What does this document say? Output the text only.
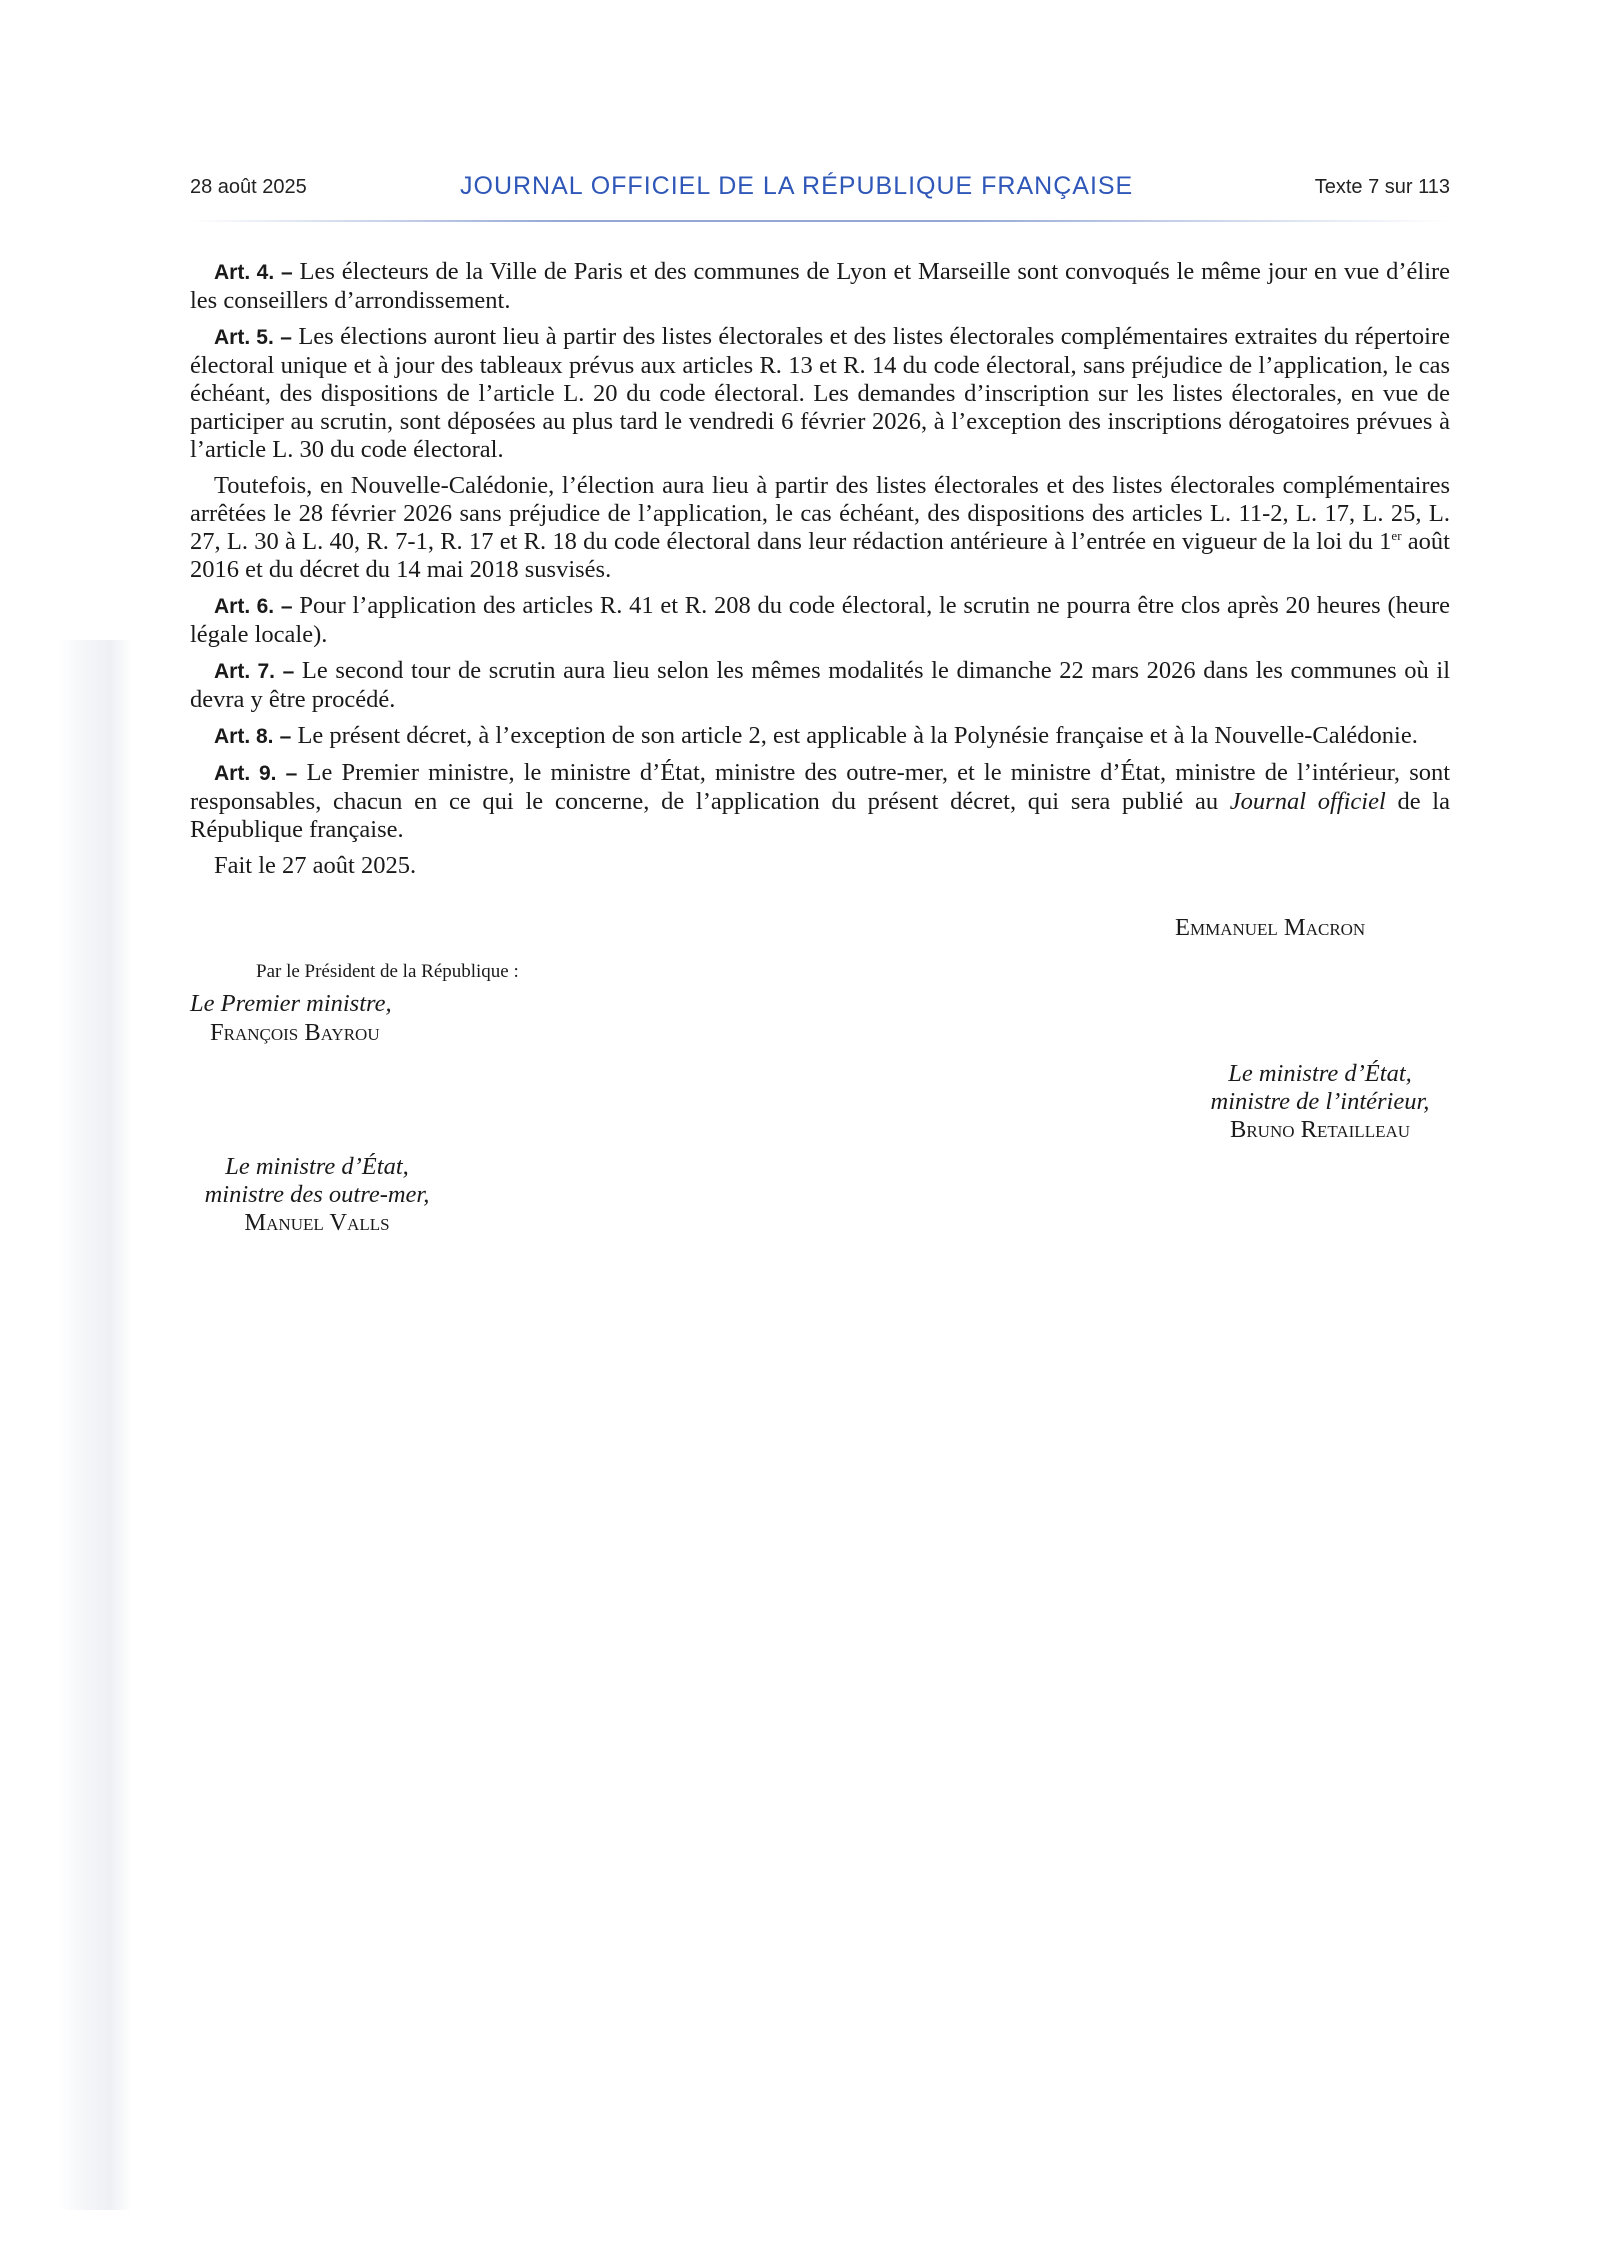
28 août 2025	JOURNAL OFFICIEL DE LA RÉPUBLIQUE FRANÇAISE	Texte 7 sur 113

Art. 4. – Les électeurs de la Ville de Paris et des communes de Lyon et Marseille sont convoqués le même jour en vue d’élire les conseillers d’arrondissement.

Art. 5. – Les élections auront lieu à partir des listes électorales et des listes électorales complémentaires extraites du répertoire électoral unique et à jour des tableaux prévus aux articles R. 13 et R. 14 du code électoral, sans préjudice de l’application, le cas échéant, des dispositions de l’article L. 20 du code électoral. Les demandes d’inscription sur les listes électorales, en vue de participer au scrutin, sont déposées au plus tard le vendredi 6 février 2026, à l’exception des inscriptions dérogatoires prévues à l’article L. 30 du code électoral.

Toutefois, en Nouvelle-Calédonie, l’élection aura lieu à partir des listes électorales et des listes électorales complémentaires arrêtées le 28 février 2026 sans préjudice de l’application, le cas échéant, des dispositions des articles L. 11-2, L. 17, L. 25, L. 27, L. 30 à L. 40, R. 7-1, R. 17 et R. 18 du code électoral dans leur rédaction antérieure à l’entrée en vigueur de la loi du 1er août 2016 et du décret du 14 mai 2018 susvisés.

Art. 6. – Pour l’application des articles R. 41 et R. 208 du code électoral, le scrutin ne pourra être clos après 20 heures (heure légale locale).

Art. 7. – Le second tour de scrutin aura lieu selon les mêmes modalités le dimanche 22 mars 2026 dans les communes où il devra y être procédé.

Art. 8. – Le présent décret, à l’exception de son article 2, est applicable à la Polynésie française et à la Nouvelle-Calédonie.

Art. 9. – Le Premier ministre, le ministre d’État, ministre des outre-mer, et le ministre d’État, ministre de l’intérieur, sont responsables, chacun en ce qui le concerne, de l’application du présent décret, qui sera publié au Journal officiel de la République française.

Fait le 27 août 2025.

Emmanuel Macron
Par le Président de la République :
Le Premier ministre,
François Bayrou
Le ministre d’État,
ministre de l’intérieur,
Bruno Retailleau
Le ministre d’État,
ministre des outre-mer,
Manuel Valls
